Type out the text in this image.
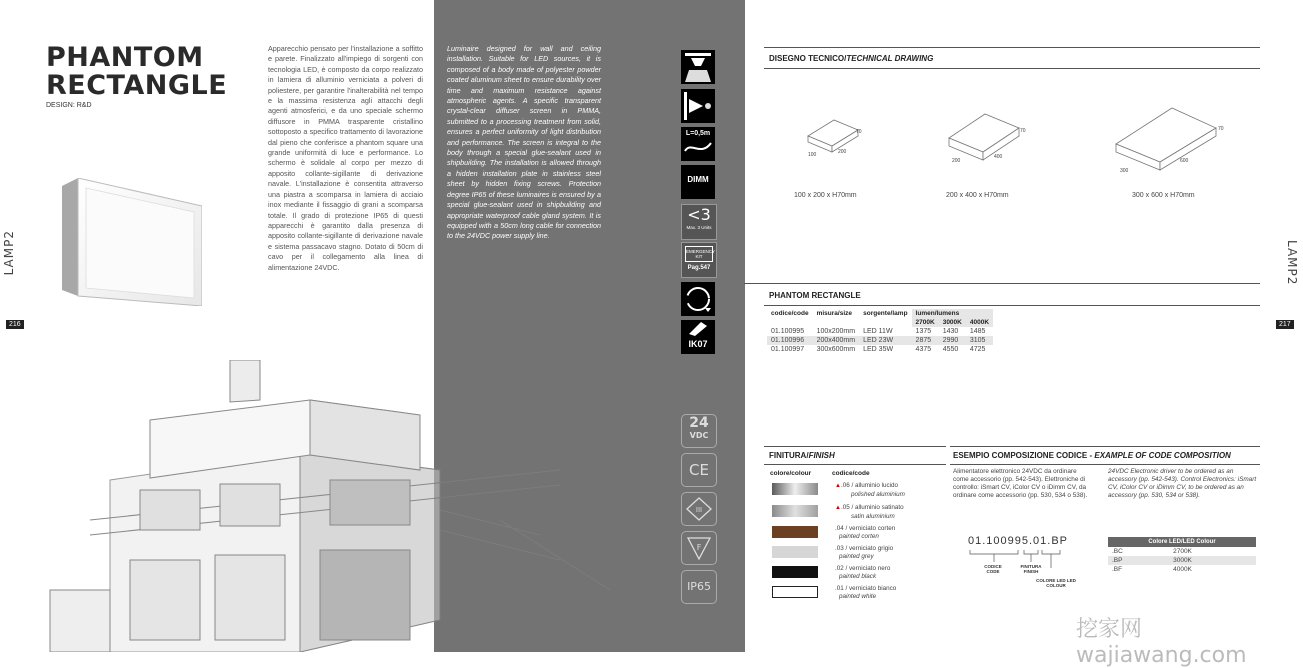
PHANTOM
RECTANGLE
DESIGN: R&D
LAMP2
216
Apparecchio pensato per l'installazione a soffitto e parete. Finalizzato all'impiego di sorgenti con tecnologia LED, è composto da corpo realizzato in lamiera di alluminio verniciata a polveri di poliestere, per garantire l'inalterabilità nel tempo e la massima resistenza agli attacchi degli agenti atmosferici, e da uno speciale schermo diffusore in PMMA trasparente cristallino sottoposto a specifico trattamento di lavorazione dal pieno che conferisce a phantom square una grande uniformità di luce e performance. Lo schermo è solidale al corpo per mezzo di apposito collante-sigillante di derivazione navale. L'installazione è consentita attraverso una piastra a scomparsa in lamiera di acciaio inox mediante il fissaggio di grani a scomparsa totale. Il grado di protezione IP65 di questi apparecchi è garantito dalla presenza di apposito collante-sigillante di derivazione navale e sistema passacavo stagno. Dotato di 50cm di cavo per il collegamento alla linea di alimentazione 24VDC.
Luminaire designed for wall and ceiling installation. Suitable for LED sources, it is composed of a body made of polyester powder coated aluminum sheet to ensure durability over time and maximum resistance against atmospheric agents. A specific transparent crystal-clear diffuser screen in PMMA, submitted to a processing treatment from solid, ensures a perfect uniformity of light distribution and performance. The screen is integral to the body through a special glue-sealant used in shipbuilding. The installation is allowed through a hidden installation plate in stainless steel sheet by hidden fixing screws. Protection degree IP65 of these luminaires is ensured by a special glue-sealant used in shipbuilding and appropriate waterproof cable gland system. It is equipped with a 50cm long cable for connection to the 24VDC power supply line.
L=0,5m
DIMM
<3
Max. 3 Units
EMERGENCY KIT
Pag.547
IK07
24
VDC
CE
III
F
IP65
DISEGNO TECNICO/TECHNICAL DRAWING
100	200
70
100 x 200 x H70mm
200
400
70
200 x 400 x H70mm
300
600
70
300 x 600 x H70mm
PHANTOM RECTANGLE
codice/code	misura/size	sorgente/lamp	lumen/lumens		
			2700K	3000K	4000K
01.100995	100x200mm	LED 11W	1375	1430	1485
01.100996	200x400mm	LED 23W	2875	2990	3105
01.100997	300x600mm	LED 35W	4375	4550	4725
FINITURA/FINISH
colore/colour	codice/code
▲.06 / alluminio lucido
polished aluminium
▲.05 / alluminio satinato
satin aluminium
.04 / verniciato corten
painted corten
.03 / verniciato grigio
painted grey
.02 / verniciato nero
painted black
.01 / verniciato bianco
painted white
ESEMPIO COMPOSIZIONE CODICE - EXAMPLE OF CODE COMPOSITION
Alimentatore elettronico 24VDC da ordinare come accessorio (pp. 542-543). Elettroniche di controllo: iSmart CV, iColor CV o iDimm CV, da ordinare come accessorio (pp. 530, 534 o 538).
24VDC Electronic driver to be ordered as an accessory (pp. 542-543). Control Electronics: iSmart CV, iColor CV or iDimm CV, to be ordered as an accessory (pp. 530, 534 or 538).
01.100995.01.BP
CODICE CODE
FINITURA FINISH
COLORE LED LED COLOUR
Colore LED/LED Colour	
.BC	2700K
.BP	3000K
.BF	4000K
LAMP2
217
挖家网 wajiawang.com
